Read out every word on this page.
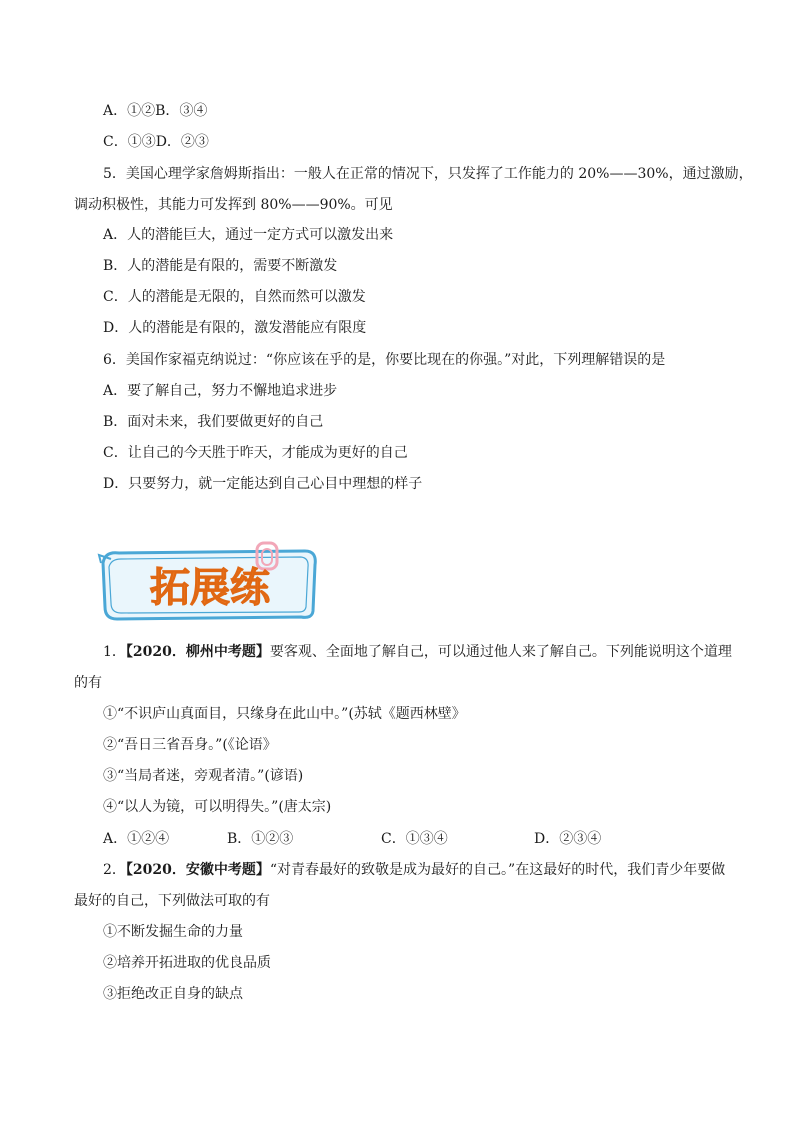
A．①②B．③④
C．①③D．②③
5．美国心理学家詹姆斯指出：一般人在正常的情况下，只发挥了工作能力的 20%——30%，通过激励，
调动积极性，其能力可发挥到 80%——90%。可见
A．人的潜能巨大，通过一定方式可以激发出来
B．人的潜能是有限的，需要不断激发
C．人的潜能是无限的，自然而然可以激发
D．人的潜能是有限的，激发潜能应有限度
6．美国作家福克纳说过：“你应该在乎的是，你要比现在的你强。”对此，下列理解错误的是
A．要了解自己，努力不懈地追求进步
B．面对未来，我们要做更好的自己
C．让自己的今天胜于昨天，才能成为更好的自己
D．只要努力，就一定能达到自己心目中理想的样子
拓展练
1．【2020．柳州中考题】要客观、全面地了解自己，可以通过他人来了解自己。下列能说明这个道理
的有
①“不识庐山真面目，只缘身在此山中。”(苏轼《题西林壁》
②“吾日三省吾身。”(《论语》
③“当局者迷，旁观者清。”(谚语)
④“以人为镜，可以明得失。”(唐太宗)
A．①②④	B．①②③	C．①③④	D．②③④
2．【2020．安徽中考题】“对青春最好的致敬是成为最好的自己。”在这最好的时代，我们青少年要做
最好的自己，下列做法可取的有
①不断发掘生命的力量
②培养开拓进取的优良品质
③拒绝改正自身的缺点
